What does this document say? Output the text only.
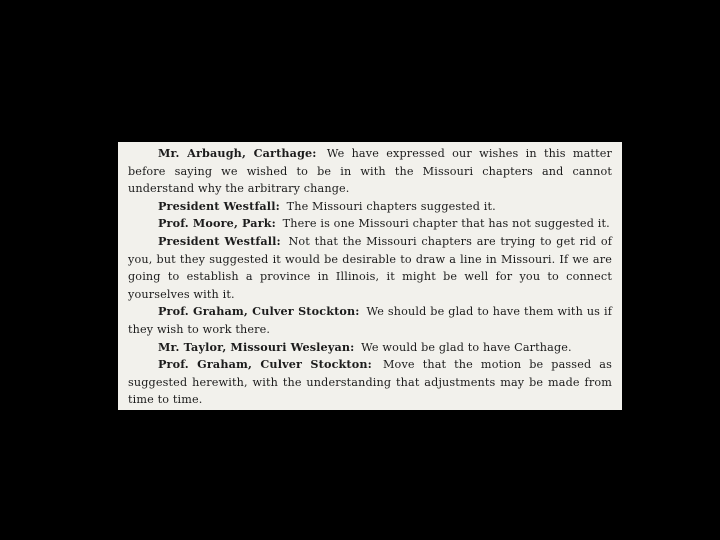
Mr. Arbaugh, Carthage: We have expressed our wishes in this matter before saying we wished to be in with the Missouri chapters and cannot understand why the arbitrary change.

President Westfall: The Missouri chapters suggested it.

Prof. Moore, Park: There is one Missouri chapter that has not suggested it.

President Westfall: Not that the Missouri chapters are trying to get rid of you, but they suggested it would be desirable to draw a line in Missouri. If we are going to establish a province in Illinois, it might be well for you to connect yourselves with it.

Prof. Graham, Culver Stockton: We should be glad to have them with us if they wish to work there.

Mr. Taylor, Missouri Wesleyan: We would be glad to have Carthage.

Prof. Graham, Culver Stockton: Move that the motion be passed as suggested herewith, with the understanding that adjustments may be made from time to time.
